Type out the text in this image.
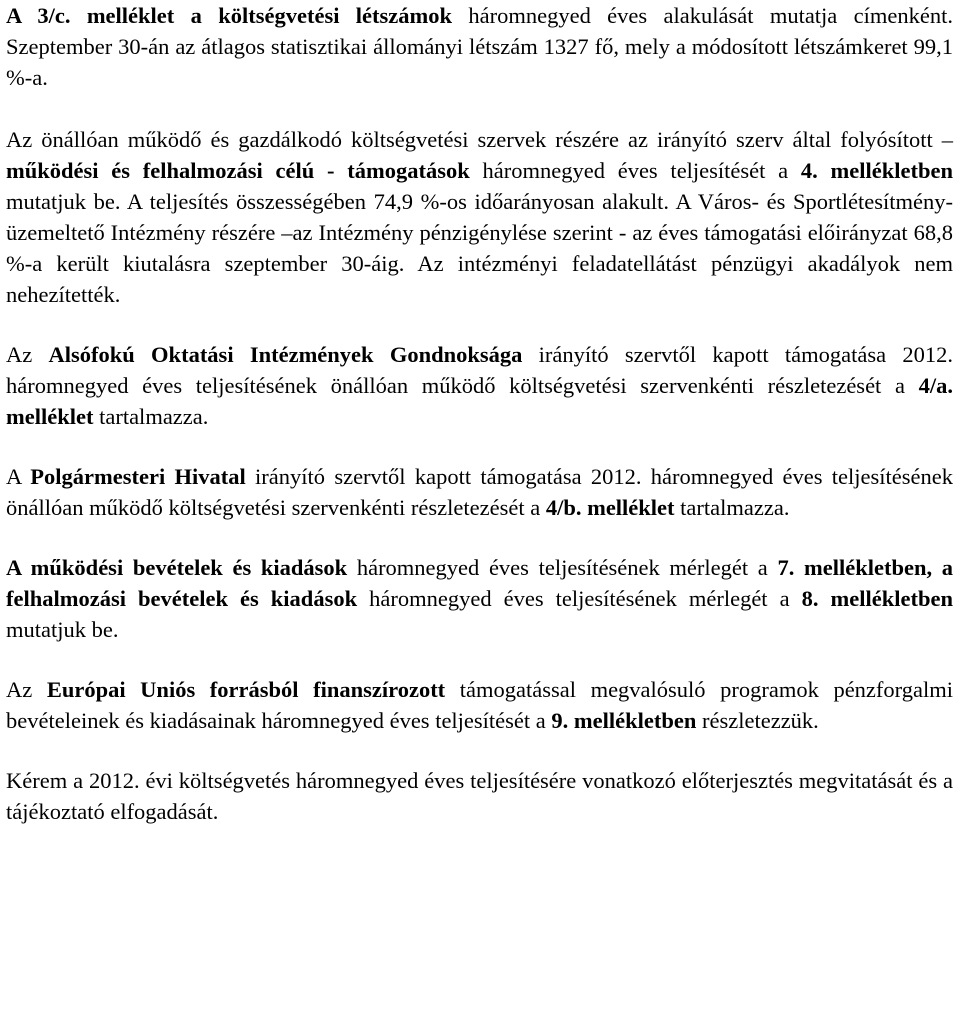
A 3/c. melléklet a költségvetési létszámok háromnegyed éves alakulását mutatja címenként. Szeptember 30-án az átlagos statisztikai állományi létszám 1327 fő, mely a módosított létszámkeret 99,1 %-a.

Az önállóan működő és gazdálkodó költségvetési szervek részére az irányító szerv által folyósított – működési és felhalmozási célú - támogatások háromnegyed éves teljesítését a 4. mellékletben mutatjuk be. A teljesítés összességében 74,9 %-os időarányosan alakult. A Város- és Sportlétesítmény-üzemeltető Intézmény részére –az Intézmény pénzigénylése szerint - az éves támogatási előirányzat 68,8 %-a került kiutalásra szeptember 30-áig. Az intézményi feladatellátást pénzügyi akadályok nem nehezítették.

Az Alsófokú Oktatási Intézmények Gondnoksága irányító szervtől kapott támogatása 2012. háromnegyed éves teljesítésének önállóan működő költségvetési szervenkénti részletezését a 4/a. melléklet tartalmazza.

A Polgármesteri Hivatal irányító szervtől kapott támogatása 2012. háromnegyed éves teljesítésének önállóan működő költségvetési szervenkénti részletezését a 4/b. melléklet tartalmazza.

A működési bevételek és kiadások háromnegyed éves teljesítésének mérlegét a 7. mellékletben, a felhalmozási bevételek és kiadások háromnegyed éves teljesítésének mérlegét a 8. mellékletben mutatjuk be.

Az Európai Uniós forrásból finanszírozott támogatással megvalósuló programok pénzforgalmi bevételeinek és kiadásainak háromnegyed éves teljesítését a 9. mellékletben részletezzük.

Kérem a 2012. évi költségvetés háromnegyed éves teljesítésére vonatkozó előterjesztés megvitatását és a tájékoztató elfogadását.
